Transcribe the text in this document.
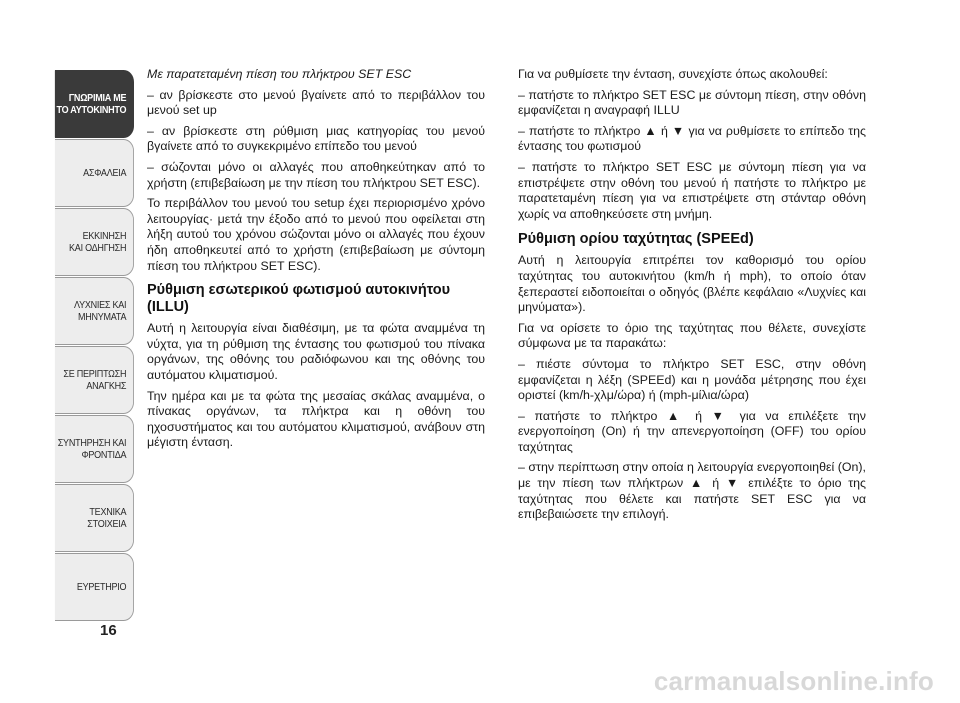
ΓΝΩΡΙΜΙΑ ΜΕ
ΤΟ ΑΥΤΟΚΙΝΗΤΟ
ΑΣΦΑΛΕΙΑ
ΕΚΚΙΝΗΣΗ
ΚΑΙ ΟΔΗΓΗΣΗ
ΛΥΧΝΙΕΣ ΚΑΙ
ΜΗΝΥΜΑΤΑ
ΣΕ ΠΕΡΙΠΤΩΣΗ
ΑΝΑΓΚΗΣ
ΣΥΝΤΗΡΗΣΗ ΚΑΙ
ΦΡΟΝΤΙΔΑ
ΤΕΧΝΙΚΑ
ΣΤΟΙΧΕΙΑ
ΕΥΡΕΤΗΡΙΟ
16

Με παρατεταμένη πίεση του πλήκτρου SET ESC

– αν βρίσκεστε στο μενού βγαίνετε από το περιβάλλον του μενού set up

– αν βρίσκεστε στη ρύθμιση μιας κατηγορίας του μενού βγαίνετε από το συγκεκριμένο επίπεδο του μενού

– σώζονται μόνο οι αλλαγές που αποθηκεύτηκαν από το χρήστη (επιβεβαίωση με την πίεση του πλήκτρου SET ESC).

Το περιβάλλον του μενού του setup έχει περιορισμένο χρόνο λειτουργίας· μετά την έξοδο από το μενού που οφείλεται στη λήξη αυτού του χρόνου σώζονται μόνο οι αλλαγές που έχουν ήδη αποθηκευτεί από το χρήστη (επιβεβαίωση με σύντομη πίεση του πλήκτρου SET ESC).

Ρύθμιση εσωτερικού φωτισμού αυτοκινήτου (ILLU)

Αυτή η λειτουργία είναι διαθέσιμη, με τα φώτα αναμμένα τη νύχτα, για τη ρύθμιση της έντασης του φωτισμού του πίνακα οργάνων, της οθόνης του ραδιόφωνου και της οθόνης του αυτόματου κλιματισμού.

Την ημέρα και με τα φώτα της μεσαίας σκάλας αναμμένα, ο πίνακας οργάνων, τα πλήκτρα και η οθόνη του ηχοσυστήματος και του αυτόματου κλιματισμού, ανάβουν στη μέγιστη ένταση.

Για να ρυθμίσετε την ένταση, συνεχίστε όπως ακολουθεί:

– πατήστε το πλήκτρο SET ESC με σύντομη πίεση, στην οθόνη εμφανίζεται η αναγραφή ILLU

– πατήστε το πλήκτρο ▲ ή ▼ για να ρυθμίσετε το επίπεδο της έντασης του φωτισμού

– πατήστε το πλήκτρο SET ESC με σύντομη πίεση για να επιστρέψετε στην οθόνη του μενού ή πατήστε το πλήκτρο με παρατεταμένη πίεση για να επιστρέψετε στη στάνταρ οθόνη χωρίς να αποθηκεύσετε στη μνήμη.

Ρύθμιση ορίου ταχύτητας (SPEEd)

Αυτή η λειτουργία επιτρέπει τον καθορισμό του ορίου ταχύτητας του αυτοκινήτου (km/h ή mph), το οποίο όταν ξεπεραστεί ειδοποιείται ο οδηγός (βλέπε κεφάλαιο «Λυχνίες και μηνύματα»).

Για να ορίσετε το όριο της ταχύτητας που θέλετε, συνεχίστε σύμφωνα με τα παρακάτω:

– πιέστε σύντομα το πλήκτρο SET ESC, στην οθόνη εμφανίζεται η λέξη (SPEEd) και η μονάδα μέτρησης που έχει οριστεί (km/h-χλμ/ώρα) ή (mph-μίλια/ώρα)

– πατήστε το πλήκτρο ▲ ή ▼ για να επιλέξετε την ενεργοποίηση (On) ή την απενεργοποίηση (OFF) του ορίου ταχύτητας

– στην περίπτωση στην οποία η λειτουργία ενεργοποιηθεί (On), με την πίεση των πλήκτρων ▲ ή ▼ επιλέξτε το όριο της ταχύτητας που θέλετε και πατήστε SET ESC για να επιβεβαιώσετε την επιλογή.

carmanualsonline.info
